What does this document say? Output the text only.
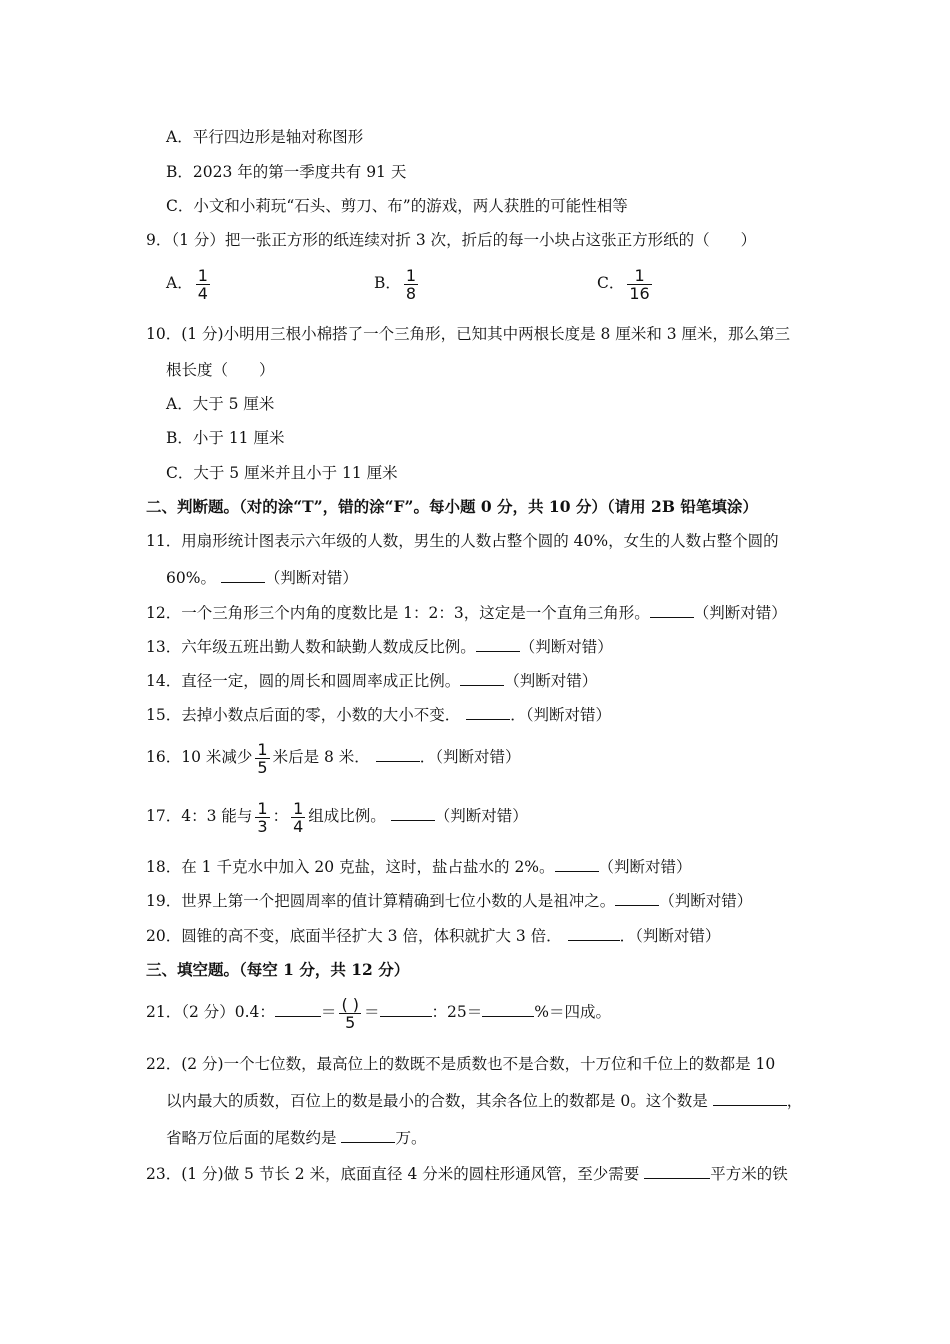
A．平行四边形是轴对称图形
B．2023 年的第一季度共有 91 天
C．小文和小莉玩“石头、剪刀、布”的游戏，两人获胜的可能性相等
9．（1 分）把一张正方形的纸连续对折 3 次，折后的每一小块占这张正方形纸的（　　）
A． $\frac{1}{4}$	B． $\frac{1}{8}$	C． $\frac{1}{16}$
10．(1 分)小明用三根小棉搭了一个三角形，已知其中两根长度是 8 厘米和 3 厘米，那么第三
根长度（　　）
A．大于 5 厘米
B．小于 11 厘米
C．大于 5 厘米并且小于 11 厘米
二、判断题。（对的涂“T”，错的涂“F”。每小题 0 分，共 10 分）（请用 2B 铅笔填涂）
11．用扇形统计图表示六年级的人数，男生的人数占整个圆的 40%，女生的人数占整个圆的
60%。	（判断对错）
12．一个三角形三个内角的度数比是 1：2：3，这定是一个直角三角形。	（判断对错）
13．六年级五班出勤人数和缺勤人数成反比例。	（判断对错）
14．直径一定，圆的周长和圆周率成正比例。	（判断对错）
15．去掉小数点后面的零，小数的大小不变．	．（判断对错）
16．10 米减少 $\frac{1}{5}$ 米后是 8 米．	．（判断对错）
17．4：3 能与 $\frac{1}{3}$ ： $\frac{1}{4}$ 组成比例。	（判断对错）
18．在 1 千克水中加入 20 克盐，这时，盐占盐水的 2%。	（判断对错）
19．世界上第一个把圆周率的值计算精确到七位小数的人是祖冲之。	（判断对错）
20．圆锥的高不变，底面半径扩大 3 倍，体积就扩大 3 倍．	．（判断对错）
三、填空题。（每空 1 分，共 12 分）
21．（2 分）0.4：	＝ $\frac{( )}{5}$ ＝	：25＝	%＝四成。
22．(2 分)一个七位数，最高位上的数既不是质数也不是合数，十万位和千位上的数都是 10
以内最大的质数，百位上的数是最小的合数，其余各位上的数都是 0。这个数是	，
省略万位后面的尾数约是	万。
23．(1 分)做 5 节长 2 米，底面直径 4 分米的圆柱形通风管，至少需要	平方米的铁
